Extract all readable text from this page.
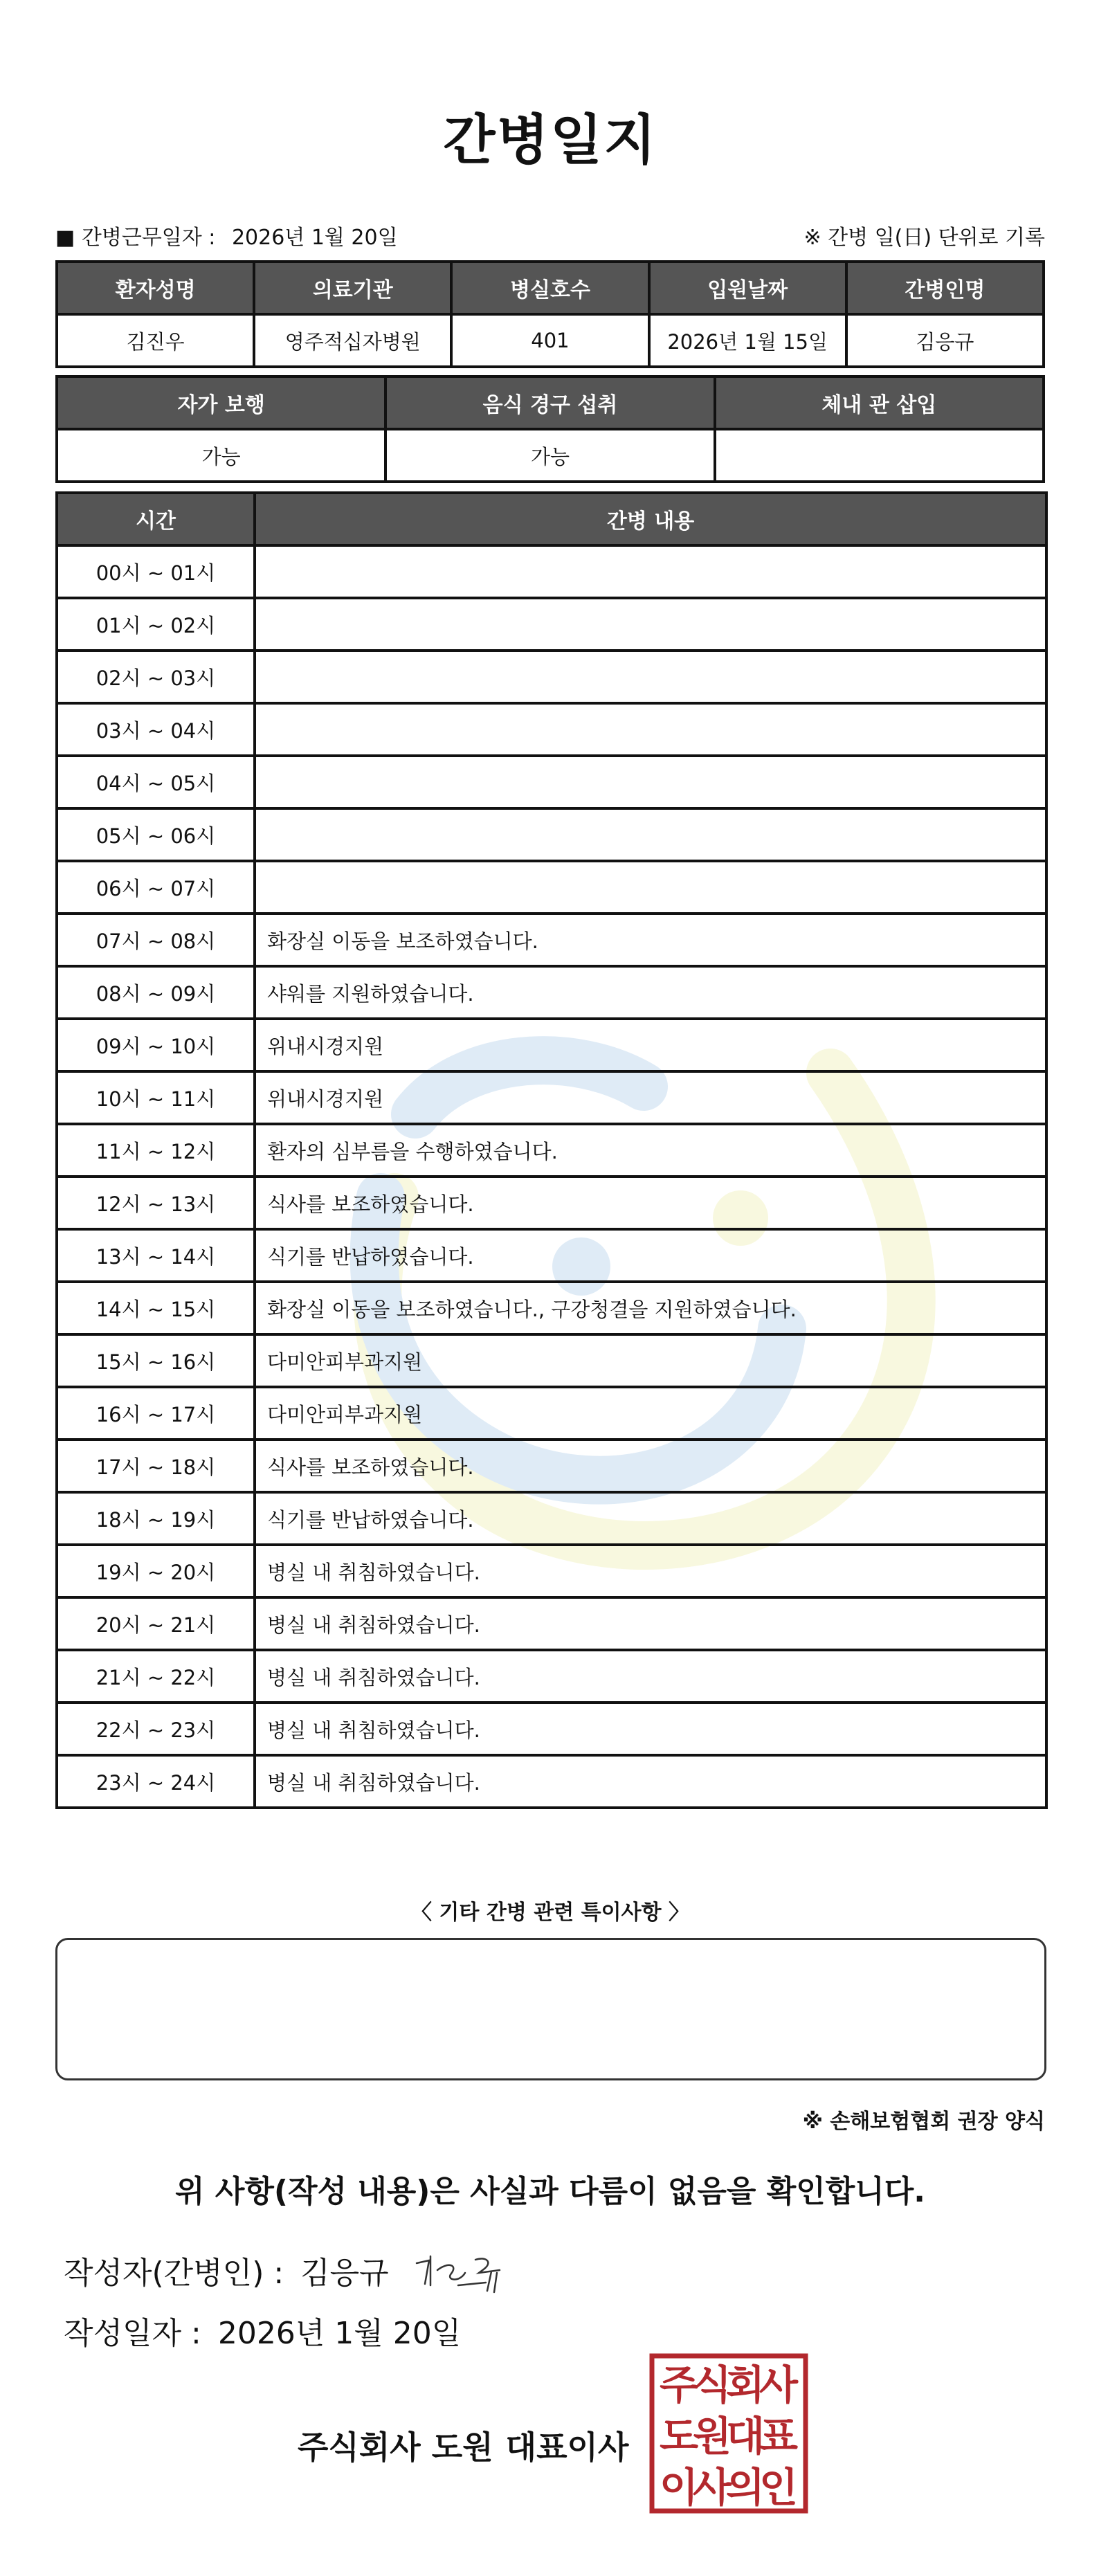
간병일지
■ 간병근무일자 : 2026년 1월 20일	※ 간병 일(日) 단위로 기록
환자성명	의료기관	병실호수	입원날짜	간병인명
김진우	영주적십자병원	401	2026년 1월 15일	김응규
자가 보행	음식 경구 섭취	체내 관 삽입
가능	가능	
시간	간병 내용
00시 ~ 01시	
01시 ~ 02시	
02시 ~ 03시	
03시 ~ 04시	
04시 ~ 05시	
05시 ~ 06시	
06시 ~ 07시	
07시 ~ 08시	화장실 이동을 보조하였습니다.
08시 ~ 09시	샤워를 지원하였습니다.
09시 ~ 10시	위내시경지원
10시 ~ 11시	위내시경지원
11시 ~ 12시	환자의 심부름을 수행하였습니다.
12시 ~ 13시	식사를 보조하였습니다.
13시 ~ 14시	식기를 반납하였습니다.
14시 ~ 15시	화장실 이동을 보조하였습니다., 구강청결을 지원하였습니다.
15시 ~ 16시	다미안피부과지원
16시 ~ 17시	다미안피부과지원
17시 ~ 18시	식사를 보조하였습니다.
18시 ~ 19시	식기를 반납하였습니다.
19시 ~ 20시	병실 내 취침하였습니다.
20시 ~ 21시	병실 내 취침하였습니다.
21시 ~ 22시	병실 내 취침하였습니다.
22시 ~ 23시	병실 내 취침하였습니다.
23시 ~ 24시	병실 내 취침하였습니다.
〈 기타 간병 관련 특이사항 〉
※ 손해보험협회 권장 양식
위 사항(작성 내용)은 사실과 다름이 없음을 확인합니다.
작성자(간병인) : 김응규
작성일자 : 2026년 1월 20일
주식회사 도원 대표이사
주
식
회
사
도
원
대
표
이
사
의
인
